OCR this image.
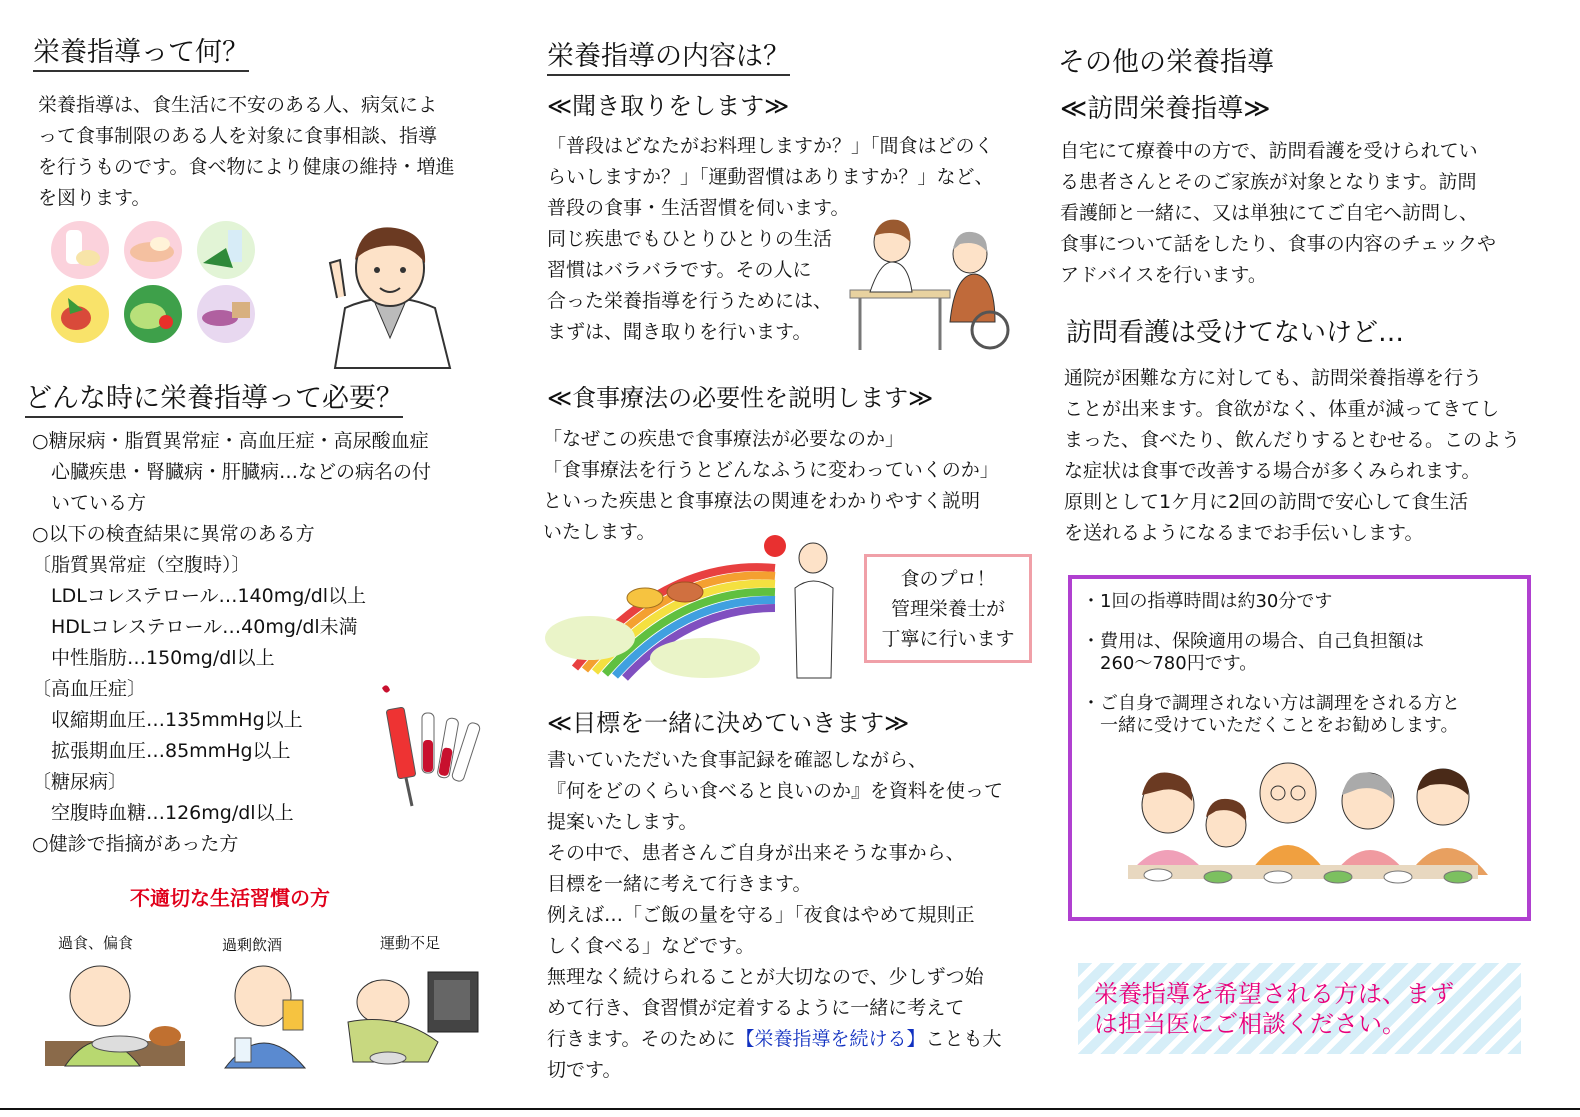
栄養指導って何？
栄養指導は、食生活に不安のある人、病気によ
って食事制限のある人を対象に食事相談、指導
を行うものです。食べ物により健康の維持・増進
を図ります。
どんな時に栄養指導って必要？
○糖尿病・脂質異常症・高血圧症・高尿酸血症
　心臓疾患・腎臓病・肝臓病…などの病名の付
　いている方
○以下の検査結果に異常のある方
〔脂質異常症（空腹時）〕
　LDLコレステロール…140mg/dl以上
　HDLコレステロール…40mg/dl未満
　中性脂肪…150mg/dl以上
〔高血圧症〕
　収縮期血圧…135mmHg以上
　拡張期血圧…85mmHg以上
〔糖尿病〕
　空腹時血糖…126mg/dl以上
○健診で指摘があった方
不適切な生活習慣の方
過食、偏食	過剰飲酒	運動不足
栄養指導の内容は？
≪聞き取りをします≫
「普段はどなたがお料理しますか？」「間食はどのく
らいしますか？」「運動習慣はありますか？」など、
普段の食事・生活習慣を伺います。
同じ疾患でもひとりひとりの生活
習慣はバラバラです。その人に
合った栄養指導を行うためには、
まずは、聞き取りを行います。
≪食事療法の必要性を説明します≫
「なぜこの疾患で食事療法が必要なのか」
「食事療法を行うとどんなふうに変わっていくのか」
といった疾患と食事療法の関連をわかりやすく説明
いたします。
食のプロ！
管理栄養士が
丁寧に行います
≪目標を一緒に決めていきます≫
書いていただいた食事記録を確認しながら、
『何をどのくらい食べると良いのか』を資料を使って
提案いたします。
その中で、患者さんご自身が出来そうな事から、
目標を一緒に考えて行きます。
例えば…「ご飯の量を守る」「夜食はやめて規則正
しく食べる」などです。
無理なく続けられることが大切なので、少しずつ始
めて行き、食習慣が定着するように一緒に考えて
行きます。そのために【栄養指導を続ける】ことも大
切です。
その他の栄養指導
≪訪問栄養指導≫
自宅にて療養中の方で、訪問看護を受けられてい
る患者さんとそのご家族が対象となります。訪問
看護師と一緒に、又は単独にてご自宅へ訪問し、
食事について話をしたり、食事の内容のチェックや
アドバイスを行います。
訪問看護は受けてないけど…
通院が困難な方に対しても、訪問栄養指導を行う
ことが出来ます。食欲がなく、体重が減ってきてし
まった、食べたり、飲んだりするとむせる。このよう
な症状は食事で改善する場合が多くみられます。
原則として1ケ月に2回の訪問で安心して食生活
を送れるようになるまでお手伝いします。
・1回の指導時間は約30分です
・費用は、保険適用の場合、自己負担額は
　260～780円です。
・ご自身で調理されない方は調理をされる方と
　一緒に受けていただくことをお勧めします。
栄養指導を希望される方は、まず
は担当医にご相談ください。
